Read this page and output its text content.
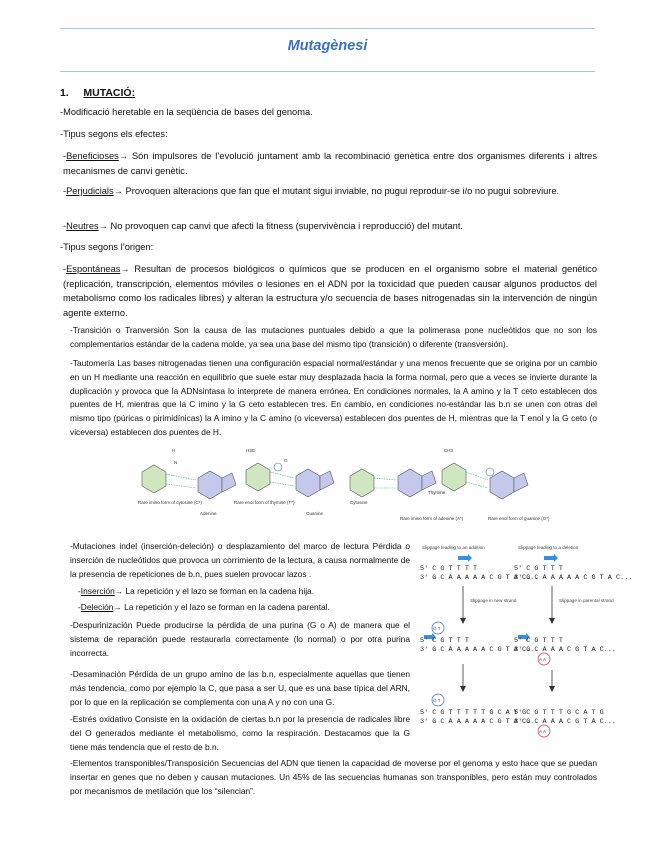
Mutagènesi
1. MUTACIÓ:
-Modificació heretable en la seqüència de bases del genoma.
-Tipus segons els efectes:
-Beneficioses→ Són impulsores de l’evolució juntament amb la recombinació genètica entre dos organismes diferents i altres mecanismes de canvi genètic.
-Perjudicials→ Provoquen alteracions que fan que el mutant sigui inviable, no pugui reproduir-se i/o no pugui sobreviure.
-Neutres→ No provoquen cap canvi que afecti la fitness (supervivència i reproducció) del mutant.
-Tipus segons l’origen:
-Espontáneas→ Resultan de procesos biológicos o químicos que se producen en el organismo sobre el material genético (replicación, transcripción, elementos móviles o lesiones en el ADN por la toxicidad que pueden causar algunos productos del metabolismo como los radicales libres) y alteran la estructura y/o secuencia de bases nitrogenadas sin la intervención de ningún agente externo.
-Transición o Tranversión Son la causa de las mutaciones puntuales debido a que la polimerasa pone nucleótidos que no son los complementarios estándar de la cadena molde, ya sea una base del mismo tipo (transición) o diferente (transversión).
-Tautomería Las bases nitrogenadas tienen una configuración espacial normal/estándar y una menos frecuente que se origina por un cambio en un H mediante una reacción en equilibrio que suele estar muy desplazada hacia la forma normal, pero que a veces se invierte durante la duplicación y provoca que la ADNsintasa lo interprete de manera errónea. En condiciones normales, la A amino y la T ceto establecen dos puentes de H, mientras que la C imino y la G ceto establecen tres. En cambio, en condiciones no-estándar las b.n se unen con otras del mismo tipo (púricas o pirimidínicas) la A imino y la C amino (o viceversa) establecen dos puentes de H, mientras que la T enol y la G ceto (o viceversa) establecen dos puentes de H.
H
N
Rare imino form of cytosine (C*)
Adenine
H3C
O
Rare enol form of thymine (T*)
Guanine
Cytosine
Rare imino form of adenine (A*)
CH3
Thymine
Rare enol form of guanine (G*)
-Mutaciones indel (inserción-deleción) o desplazamiento del marco de lectura Pérdida o inserción de nucleótidos que provoca un corrimiento de la lectura, a causa normalmente de la presencia de repeticiones de b.n, pues suelen provocar lazos .
-Inserción→ La repetición y el lazo se forman en la cadena hija.
-Deleción→ La repetición y el lazo se forman en la cadena parental.
-Despurinización Puede producirse la pérdida de una purina (G o A) de manera que el sistema de reparación puede restaurarla correctamente (lo normal) o por otra purina incorrecta.
-Desaminación Pérdida de un grupo amino de las b.n, especialmente aquellas que tienen más tendencia, como por ejemplo la C, que pasa a ser U, que es una base típica del ARN, por lo que en la replicación se complementa con una A y no con una G.
-Estrés oxidativo Consiste en la oxidación de ciertas b.n por la presencia de radicales libre del O generados mediante el metabolismo, como la respiración. Destacamos que la G tiene más tendencia que el resto de b.n.
-Elementos transponibles/Transposición Secuencias del ADN que tienen la capacidad de moverse por el genoma y esto hace que se puedan insertar en genes que no deben y causan mutaciones. Un 45% de las secuencias humanas son transponibles, pero están muy controlados por mecanismos de metilación que los “silencian”.
Slippage leading to an addition	Slippage leading to a deletion
5' C G T T T T
3' G C A A A A A C G T A C...
5' C G T T T
3' G C A A A A A C G T A C...
Slippage in new strand	Slippage in parental strand
G T
5' C G T T T
3' G C A A A A A C G T A C...
5' C G T T T
3' G C A A A C G T A C...
A A
G T
5' C G T T T T T G C A T G
3' G C A A A A A C G T A C...
5' C G T T T G C A T G
3' G C A A A C G T A C...
A A
